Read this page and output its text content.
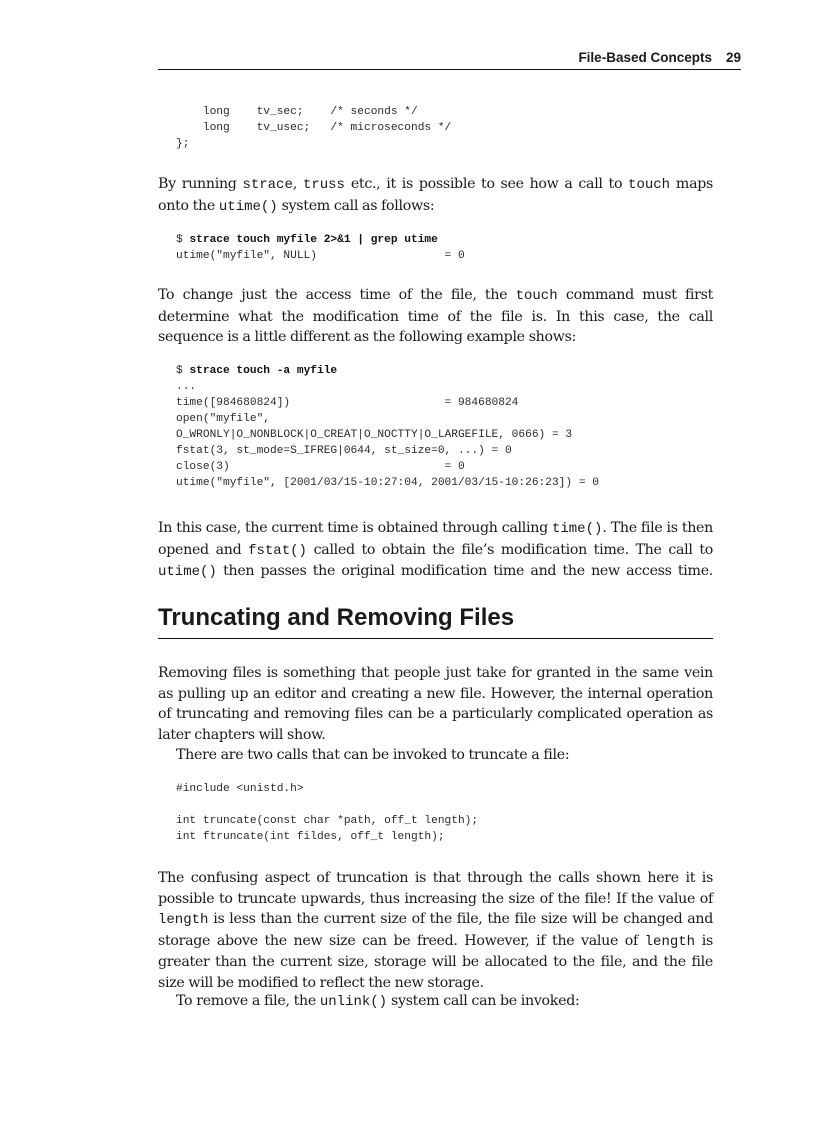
File-Based Concepts 29
long    tv_sec;    /* seconds */
long    tv_usec;   /* microseconds */
};

By running strace, truss etc., it is possible to see how a call to touch maps onto the utime() system call as follows:

$ strace touch myfile 2>&1 | grep utime
utime("myfile", NULL)                   = 0

To change just the access time of the file, the touch command must first determine what the modification time of the file is. In this case, the call sequence is a little different as the following example shows:

$ strace touch -a myfile
...
time([984680824])                       = 984680824
open("myfile",
O_WRONLY|O_NONBLOCK|O_CREAT|O_NOCTTY|O_LARGEFILE, 0666) = 3
fstat(3, st_mode=S_IFREG|0644, st_size=0, ...) = 0
close(3)                                = 0
utime("myfile", [2001/03/15-10:27:04, 2001/03/15-10:26:23]) = 0

In this case, the current time is obtained through calling time(). The file is then opened and fstat() called to obtain the file’s modification time. The call to utime() then passes the original modification time and the new access time.

Truncating and Removing Files

Removing files is something that people just take for granted in the same vein as pulling up an editor and creating a new file. However, the internal operation of truncating and removing files can be a particularly complicated operation as later chapters will show.

There are two calls that can be invoked to truncate a file:

#include <unistd.h>

int truncate(const char *path, off_t length);
int ftruncate(int fildes, off_t length);

The confusing aspect of truncation is that through the calls shown here it is possible to truncate upwards, thus increasing the size of the file! If the value of length is less than the current size of the file, the file size will be changed and storage above the new size can be freed. However, if the value of length is greater than the current size, storage will be allocated to the file, and the file size will be modified to reflect the new storage.

To remove a file, the unlink() system call can be invoked:
